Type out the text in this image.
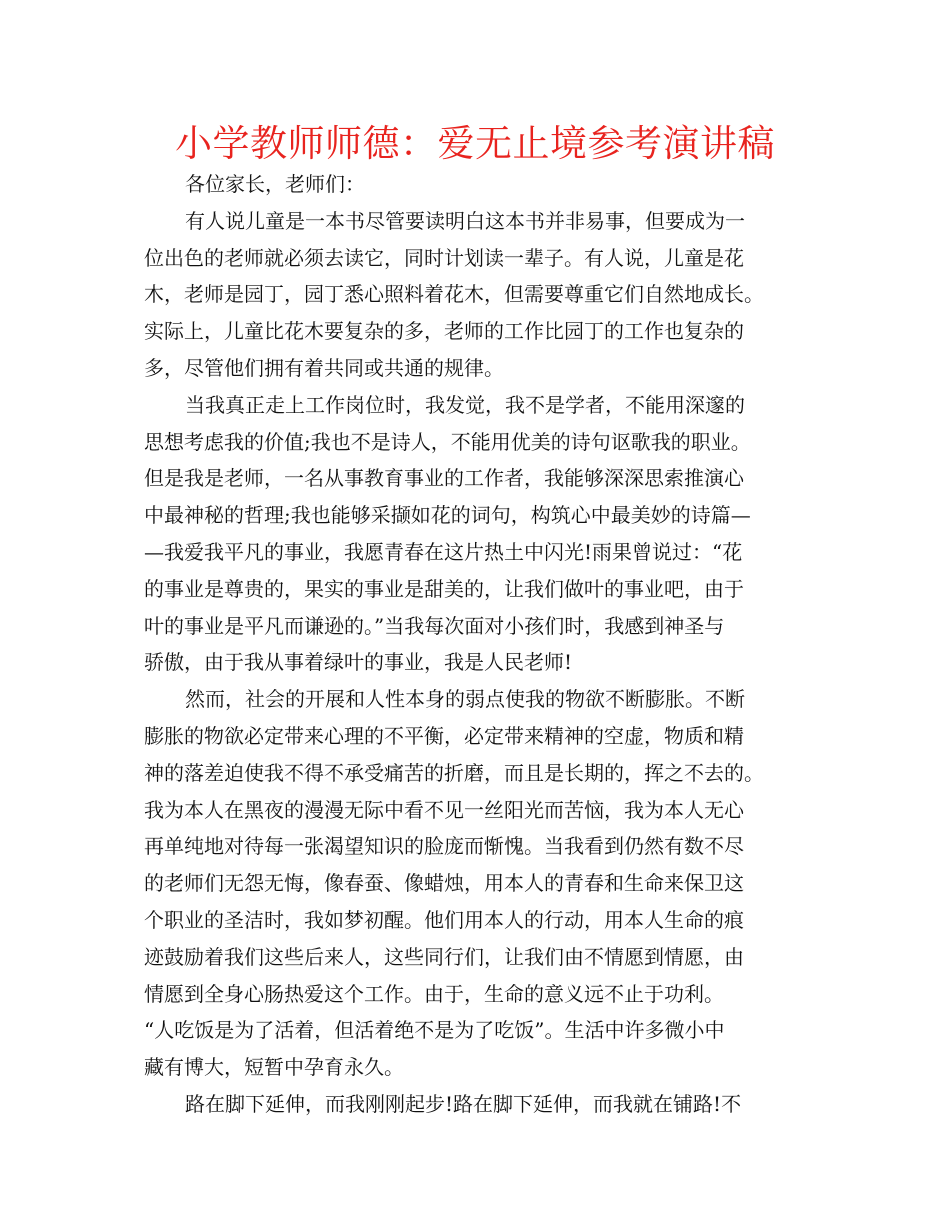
小学教师师德：爱无止境参考演讲稿
各位家长，老师们：
有人说儿童是一本书尽管要读明白这本书并非易事，但要成为一
位出色的老师就必须去读它，同时计划读一辈子。有人说，儿童是花
木，老师是园丁，园丁悉心照料着花木，但需要尊重它们自然地成长。
实际上，儿童比花木要复杂的多，老师的工作比园丁的工作也复杂的
多，尽管他们拥有着共同或共通的规律。
当我真正走上工作岗位时，我发觉，我不是学者，不能用深邃的
思想考虑我的价值;我也不是诗人，不能用优美的诗句讴歌我的职业。
但是我是老师，一名从事教育事业的工作者，我能够深深思索推演心
中最神秘的哲理;我也能够采撷如花的词句，构筑心中最美妙的诗篇—
—我爱我平凡的事业，我愿青春在这片热土中闪光!雨果曾说过：“花
的事业是尊贵的，果实的事业是甜美的，让我们做叶的事业吧，由于
叶的事业是平凡而谦逊的。”当我每次面对小孩们时，我感到神圣与
骄傲，由于我从事着绿叶的事业，我是人民老师!
然而，社会的开展和人性本身的弱点使我的物欲不断膨胀。不断
膨胀的物欲必定带来心理的不平衡，必定带来精神的空虚，物质和精
神的落差迫使我不得不承受痛苦的折磨，而且是长期的，挥之不去的。
我为本人在黑夜的漫漫无际中看不见一丝阳光而苦恼，我为本人无心
再单纯地对待每一张渴望知识的脸庞而惭愧。当我看到仍然有数不尽
的老师们无怨无悔，像春蚕、像蜡烛，用本人的青春和生命来保卫这
个职业的圣洁时，我如梦初醒。他们用本人的行动，用本人生命的痕
迹鼓励着我们这些后来人，这些同行们，让我们由不情愿到情愿，由
情愿到全身心肠热爱这个工作。由于，生命的意义远不止于功利。
“人吃饭是为了活着，但活着绝不是为了吃饭”。生活中许多微小中
藏有博大，短暂中孕育永久。
路在脚下延伸，而我刚刚起步!路在脚下延伸，而我就在铺路!不
